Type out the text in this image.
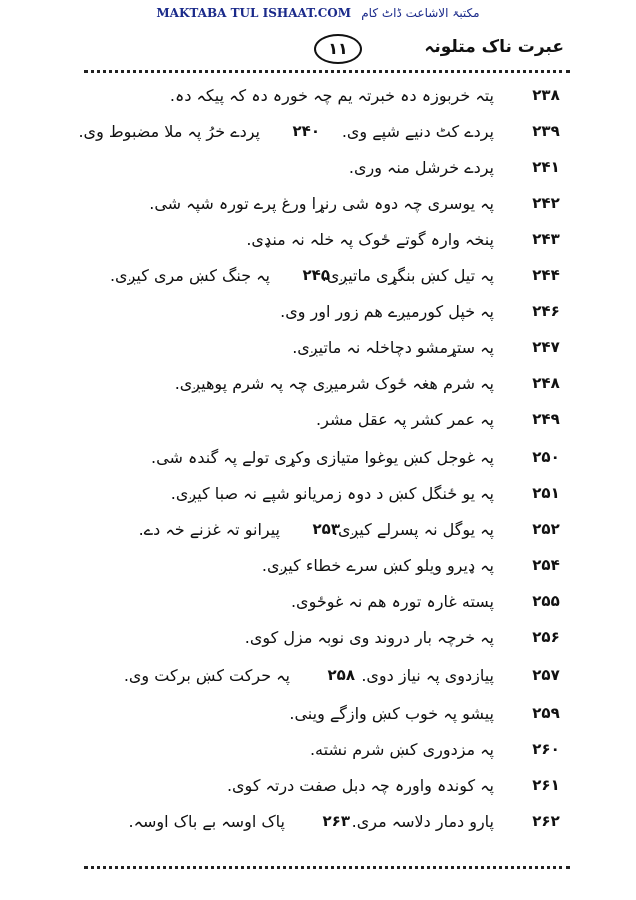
MAKTABA TUL ISHAAT.COM مکتبۃ الاشاعت ڈاٹ کام
۱۱	عبرت ناک متلونہ
۲۳۸
پتہ خربوزہ دہ خبرتہ یم چہ خورہ دہ کہ پیکہ دہ.
۲۳۹
پردے کٹ دنیے شپے وی.
۲۴۰
پردے خرُ پہ ملا مضبوط وی.
۲۴۱
پردے خرشل منہ وری.
۲۴۲
پہ یوسری چہ دوہ شی رنړا ورغ پرے تورہ شپہ شی.
۲۴۳
پنخہ وارہ گوتے ځوک پہ خلہ نہ منډی.
۲۴۴
پہ تیل کښ بنگړی ماتیږی.
۲۴۵
پہ جنگ کښ مری کیږی.
۲۴۶
پہ خپل کورمیږے هم زور اور وی.
۲۴۷
پہ ستړمشو دچاخلہ نہ ماتیږی.
۲۴۸
پہ شرم هغہ ځوک شرمیږی چہ پہ شرم پوهیږی.
۲۴۹
پہ عمر کشر پہ عقل مشر.
۲۵۰
پہ غوجل کښ یوغوا متیازی وکړی تولے پہ گندہ شی.
۲۵۱
پہ یو ځنگل کښ د دوہ زمریانو شپے نہ صبا کیږی.
۲۵۲
پہ یوگل نہ پسرلے کیږی.
۲۵۳
پیرانو تہ غزنے خہ دے.
۲۵۴
پہ ډیرو ویلو کښ سرے خطاء کیږی.
۲۵۵
پسته غارہ تورہ هم نہ غوځوی.
۲۵۶
پہ خرچہ بار دروند وی نوبہ مزل کوی.
۲۵۷
پیازدوی پہ نیاز دوی.
۲۵۸
پہ حرکت کښ برکت وی.
۲۵۹
پیشو پہ خوب کښ وازگے وینی.
۲۶۰
پہ مزدوری کښ شرم نشته.
۲۶۱
پہ کوندہ واورہ چہ دبل صفت درتہ کوی.
۲۶۲
پارو دمار دلاسہ مری.
۲۶۳
پاک اوسہ بے باک اوسہ.
